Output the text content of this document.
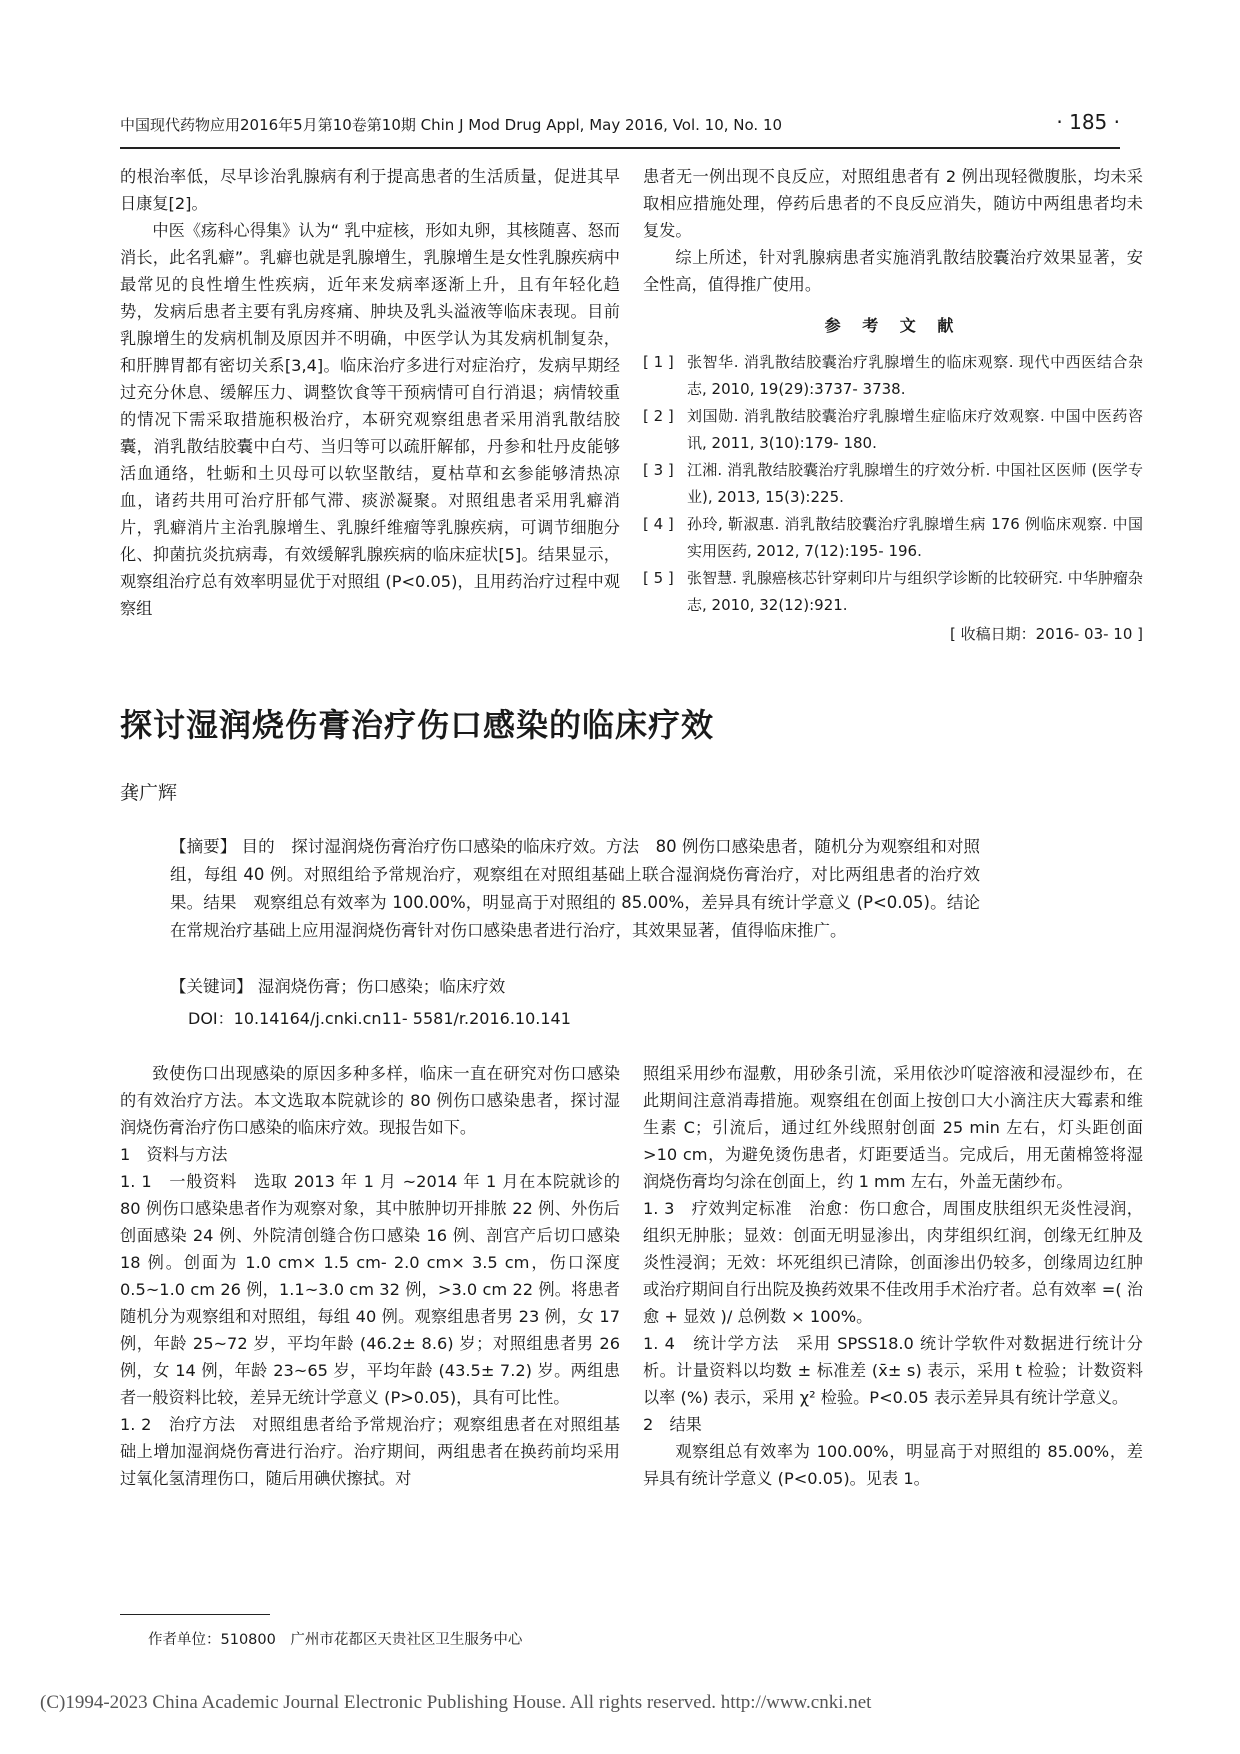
中国现代药物应用2016年5月第10卷第10期 Chin J Mod Drug Appl, May 2016, Vol. 10, No. 10	· 185 ·

的根治率低，尽早诊治乳腺病有利于提高患者的生活质量，促进其早日康复[2]。

中医《疡科心得集》认为“ 乳中症核，形如丸卵，其核随喜、怒而消长，此名乳癖”。乳癖也就是乳腺增生，乳腺增生是女性乳腺疾病中最常见的良性增生性疾病，近年来发病率逐渐上升，且有年轻化趋势，发病后患者主要有乳房疼痛、肿块及乳头溢液等临床表现。目前乳腺增生的发病机制及原因并不明确，中医学认为其发病机制复杂，和肝脾胃都有密切关系[3,4]。临床治疗多进行对症治疗，发病早期经过充分休息、缓解压力、调整饮食等干预病情可自行消退；病情较重的情况下需采取措施积极治疗，本研究观察组患者采用消乳散结胶囊，消乳散结胶囊中白芍、当归等可以疏肝解郁，丹参和牡丹皮能够活血通络，牡蛎和土贝母可以软坚散结，夏枯草和玄参能够清热凉血，诸药共用可治疗肝郁气滞、痰淤凝聚。对照组患者采用乳癖消片，乳癖消片主治乳腺增生、乳腺纤维瘤等乳腺疾病，可调节细胞分化、抑菌抗炎抗病毒，有效缓解乳腺疾病的临床症状[5]。结果显示，观察组治疗总有效率明显优于对照组 (P<0.05)，且用药治疗过程中观察组

患者无一例出现不良反应，对照组患者有 2 例出现轻微腹胀，均未采取相应措施处理，停药后患者的不良反应消失，随访中两组患者均未复发。

综上所述，针对乳腺病患者实施消乳散结胶囊治疗效果显著，安全性高，值得推广使用。

参 考 文 献
[ 1 ] 张智华. 消乳散结胶囊治疗乳腺增生的临床观察. 现代中西医结合杂志, 2010, 19(29):3737- 3738.
[ 2 ] 刘国勋. 消乳散结胶囊治疗乳腺增生症临床疗效观察. 中国中医药咨讯, 2011, 3(10):179- 180.
[ 3 ] 江湘. 消乳散结胶囊治疗乳腺增生的疗效分析. 中国社区医师 (医学专业), 2013, 15(3):225.
[ 4 ] 孙玲, 靳淑惠. 消乳散结胶囊治疗乳腺增生病 176 例临床观察. 中国实用医药, 2012, 7(12):195- 196.
[ 5 ] 张智慧. 乳腺癌核芯针穿刺印片与组织学诊断的比较研究. 中华肿瘤杂志, 2010, 32(12):921.
[ 收稿日期：2016- 03- 10 ]
探讨湿润烧伤膏治疗伤口感染的临床疗效
龚广辉

【摘要】 目的　探讨湿润烧伤膏治疗伤口感染的临床疗效。方法　80 例伤口感染患者，随机分为观察组和对照组，每组 40 例。对照组给予常规治疗，观察组在对照组基础上联合湿润烧伤膏治疗，对比两组患者的治疗效果。结果　观察组总有效率为 100.00%，明显高于对照组的 85.00%，差异具有统计学意义 (P<0.05)。结论　在常规治疗基础上应用湿润烧伤膏针对伤口感染患者进行治疗，其效果显著，值得临床推广。

【关键词】 湿润烧伤膏；伤口感染；临床疗效
DOI：10.14164/j.cnki.cn11- 5581/r.2016.10.141

致使伤口出现感染的原因多种多样，临床一直在研究对伤口感染的有效治疗方法。本文选取本院就诊的 80 例伤口感染患者，探讨湿润烧伤膏治疗伤口感染的临床疗效。现报告如下。

1　资料与方法

1. 1　一般资料　选取 2013 年 1 月 ~2014 年 1 月在本院就诊的 80 例伤口感染患者作为观察对象，其中脓肿切开排脓 22 例、外伤后创面感染 24 例、外院清创缝合伤口感染 16 例、剖宫产后切口感染 18 例。创面为 1.0 cm× 1.5 cm- 2.0 cm× 3.5 cm，伤口深度 0.5~1.0 cm 26 例，1.1~3.0 cm 32 例，>3.0 cm 22 例。将患者随机分为观察组和对照组，每组 40 例。观察组患者男 23 例，女 17 例，年龄 25~72 岁，平均年龄 (46.2± 8.6) 岁；对照组患者男 26 例，女 14 例，年龄 23~65 岁，平均年龄 (43.5± 7.2) 岁。两组患者一般资料比较，差异无统计学意义 (P>0.05)，具有可比性。

1. 2　治疗方法　对照组患者给予常规治疗；观察组患者在对照组基础上增加湿润烧伤膏进行治疗。治疗期间，两组患者在换药前均采用过氧化氢清理伤口，随后用碘伏擦拭。对

照组采用纱布湿敷，用砂条引流，采用依沙吖啶溶液和浸湿纱布，在此期间注意消毒措施。观察组在创面上按创口大小滴注庆大霉素和维生素 C；引流后，通过红外线照射创面 25 min 左右，灯头距创面 >10 cm，为避免烫伤患者，灯距要适当。完成后，用无菌棉签将湿润烧伤膏均匀涂在创面上，约 1 mm 左右，外盖无菌纱布。

1. 3　疗效判定标准　治愈：伤口愈合，周围皮肤组织无炎性浸润，组织无肿胀；显效：创面无明显渗出，肉芽组织红润，创缘无红肿及炎性浸润；无效：坏死组织已清除，创面渗出仍较多，创缘周边红肿或治疗期间自行出院及换药效果不佳改用手术治疗者。总有效率 =( 治愈 + 显效 )/ 总例数 × 100%。

1. 4　统计学方法　采用 SPSS18.0 统计学软件对数据进行统计分析。计量资料以均数 ± 标准差 (x̄± s) 表示，采用 t 检验；计数资料以率 (%) 表示，采用 χ² 检验。P<0.05 表示差异具有统计学意义。

2　结果

观察组总有效率为 100.00%，明显高于对照组的 85.00%，差异具有统计学意义 (P<0.05)。见表 1。

作者单位：510800　广州市花都区天贵社区卫生服务中心
(C)1994-2023 China Academic Journal Electronic Publishing House. All rights reserved. http://www.cnki.net
